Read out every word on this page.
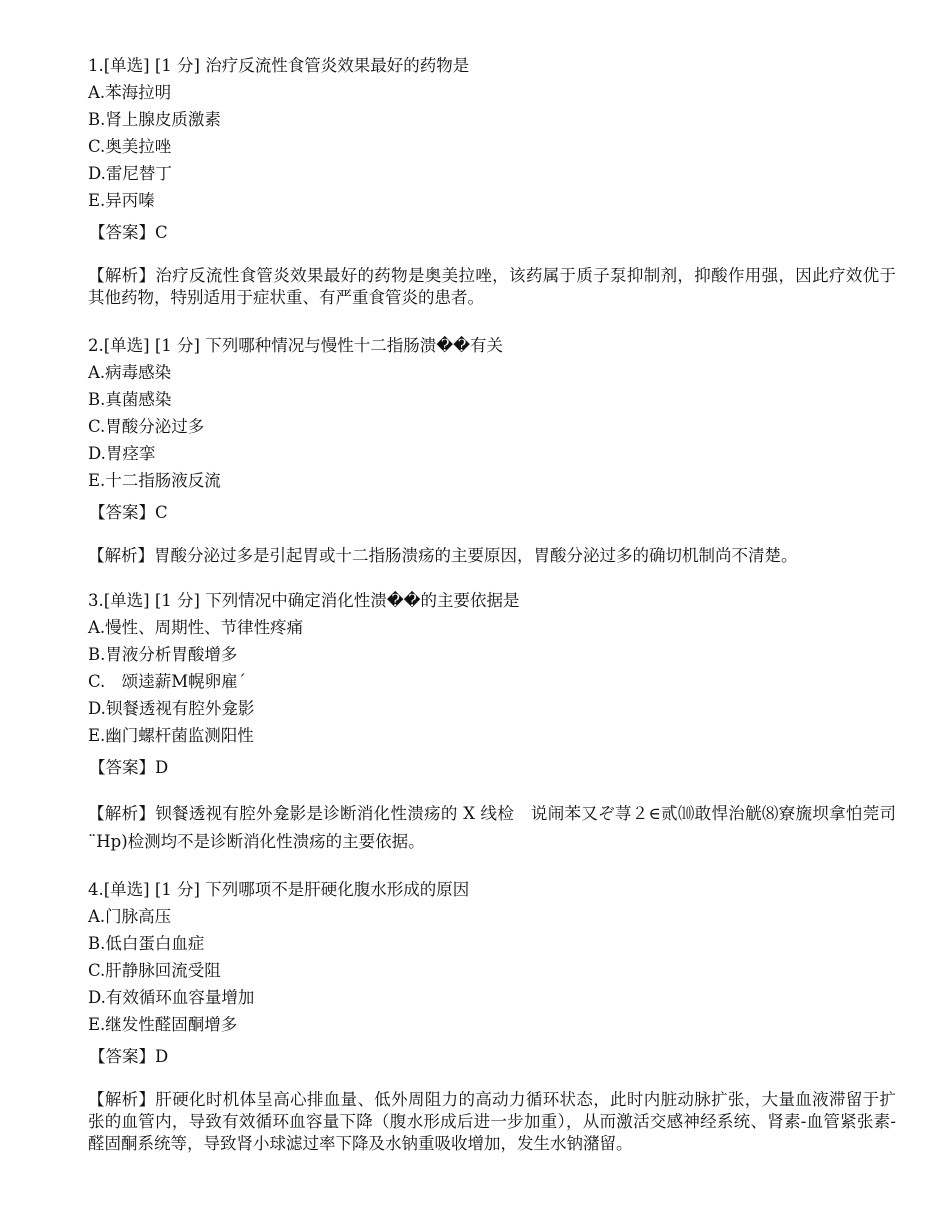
1.[单选] [1 分] 治疗反流性食管炎效果最好的药物是
A.苯海拉明
B.肾上腺皮质激素
C.奥美拉唑
D.雷尼替丁
E.异丙嗪
【答案】C
【解析】治疗反流性食管炎效果最好的药物是奥美拉唑，该药属于质子泵抑制剂，抑酸作用强，因此疗效优于其他药物，特别适用于症状重、有严重食管炎的患者。
2.[单选] [1 分] 下列哪种情况与慢性十二指肠溃��有关
A.病毒感染
B.真菌感染
C.胃酸分泌过多
D.胃痉挛
E.十二指肠液反流
【答案】C
【解析】胃酸分泌过多是引起胃或十二指肠溃疡的主要原因，胃酸分泌过多的确切机制尚不清楚。
3.[单选] [1 分] 下列情况中确定消化性溃��的主要依据是
A.慢性、周期性、节律性疼痛
B.胃液分析胃酸增多
C.　颂逵薪M幌卵雇´
D.钡餐透视有腔外龛影
E.幽门螺杆菌监测阳性
【答案】D
【解析】钡餐透视有腔外龛影是诊断消化性溃疡的 X 线检　说闹苯又ぞ荨２∈贰⑽敢悍治觥⑻寮旒坝拿怕莞司　¨Hp)检测均不是诊断消化性溃疡的主要依据。
4.[单选] [1 分] 下列哪项不是肝硬化腹水形成的原因
A.门脉高压
B.低白蛋白血症
C.肝静脉回流受阻
D.有效循环血容量增加
E.继发性醛固酮增多
【答案】D
【解析】肝硬化时机体呈高心排血量、低外周阻力的高动力循环状态，此时内脏动脉扩张，大量血液滞留于扩张的血管内，导致有效循环血容量下降（腹水形成后进一步加重），从而激活交感神经系统、肾素-血管紧张素-醛固酮系统等，导致肾小球滤过率下降及水钠重吸收增加，发生水钠潴留。
